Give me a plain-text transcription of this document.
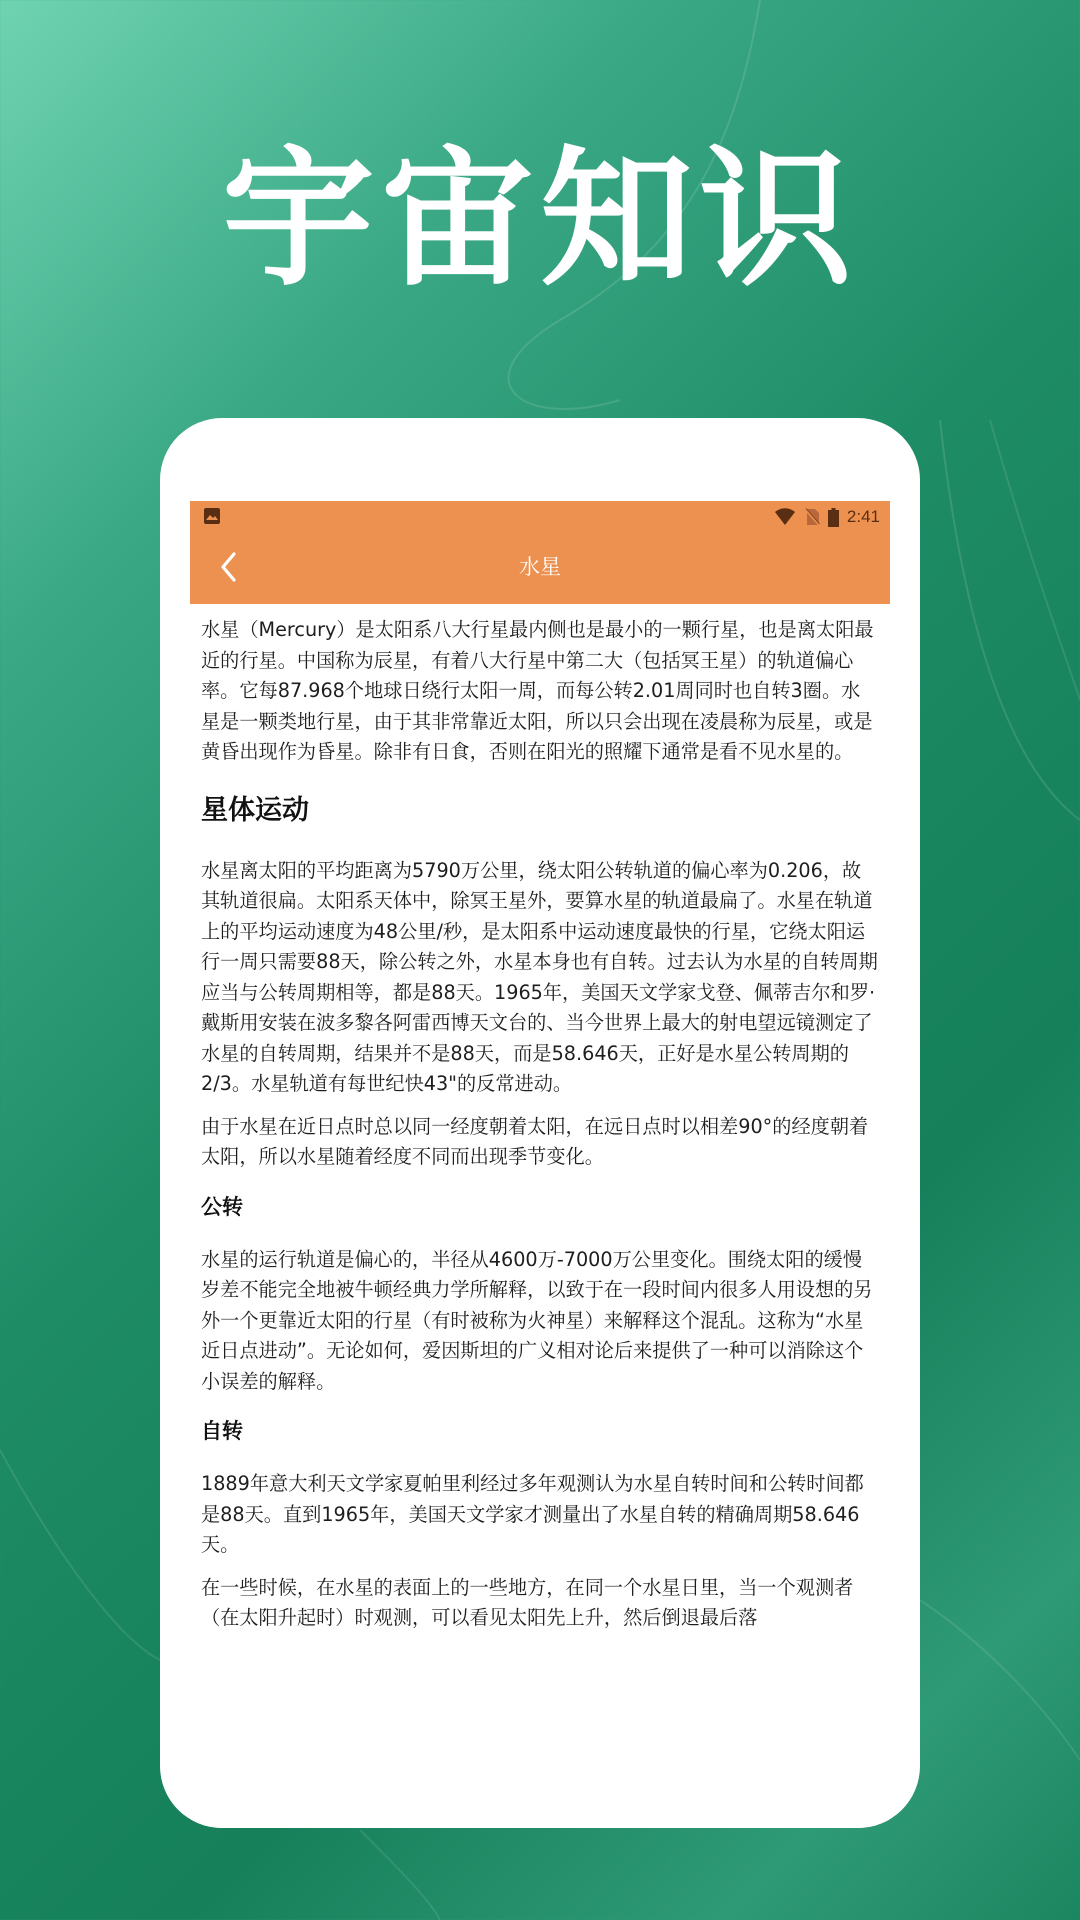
宇宙知识
2:41
水星

水星（Mercury）是太阳系八大行星最内侧也是最小的一颗行星，也是离太阳最近的行星。中国称为辰星，有着八大行星中第二大（包括冥王星）的轨道偏心率。它每87.968个地球日绕行太阳一周，而每公转2.01周同时也自转3圈。水星是一颗类地行星，由于其非常靠近太阳，所以只会出现在凌晨称为辰星，或是黄昏出现作为昏星。除非有日食，否则在阳光的照耀下通常是看不见水星的。

星体运动

水星离太阳的平均距离为5790万公里，绕太阳公转轨道的偏心率为0.206，故其轨道很扁。太阳系天体中，除冥王星外，要算水星的轨道最扁了。水星在轨道上的平均运动速度为48公里/秒，是太阳系中运动速度最快的行星，它绕太阳运行一周只需要88天，除公转之外，水星本身也有自转。过去认为水星的自转周期应当与公转周期相等，都是88天。1965年，美国天文学家戈登、佩蒂吉尔和罗·戴斯用安装在波多黎各阿雷西博天文台的、当今世界上最大的射电望远镜测定了水星的自转周期，结果并不是88天，而是58.646天，正好是水星公转周期的2/3。水星轨道有每世纪快43"的反常进动。

由于水星在近日点时总以同一经度朝着太阳，在远日点时以相差90°的经度朝着太阳，所以水星随着经度不同而出现季节变化。

公转

水星的运行轨道是偏心的，半径从4600万-7000万公里变化。围绕太阳的缓慢岁差不能完全地被牛顿经典力学所解释，以致于在一段时间内很多人用设想的另外一个更靠近太阳的行星（有时被称为火神星）来解释这个混乱。这称为“水星近日点进动”。无论如何，爱因斯坦的广义相对论后来提供了一种可以消除这个小误差的解释。

自转

1889年意大利天文学家夏帕里利经过多年观测认为水星自转时间和公转时间都是88天。直到1965年，美国天文学家才测量出了水星自转的精确周期58.646天。

在一些时候，在水星的表面上的一些地方，在同一个水星日里，当一个观测者（在太阳升起时）时观测，可以看见太阳先上升，然后倒退最后落
